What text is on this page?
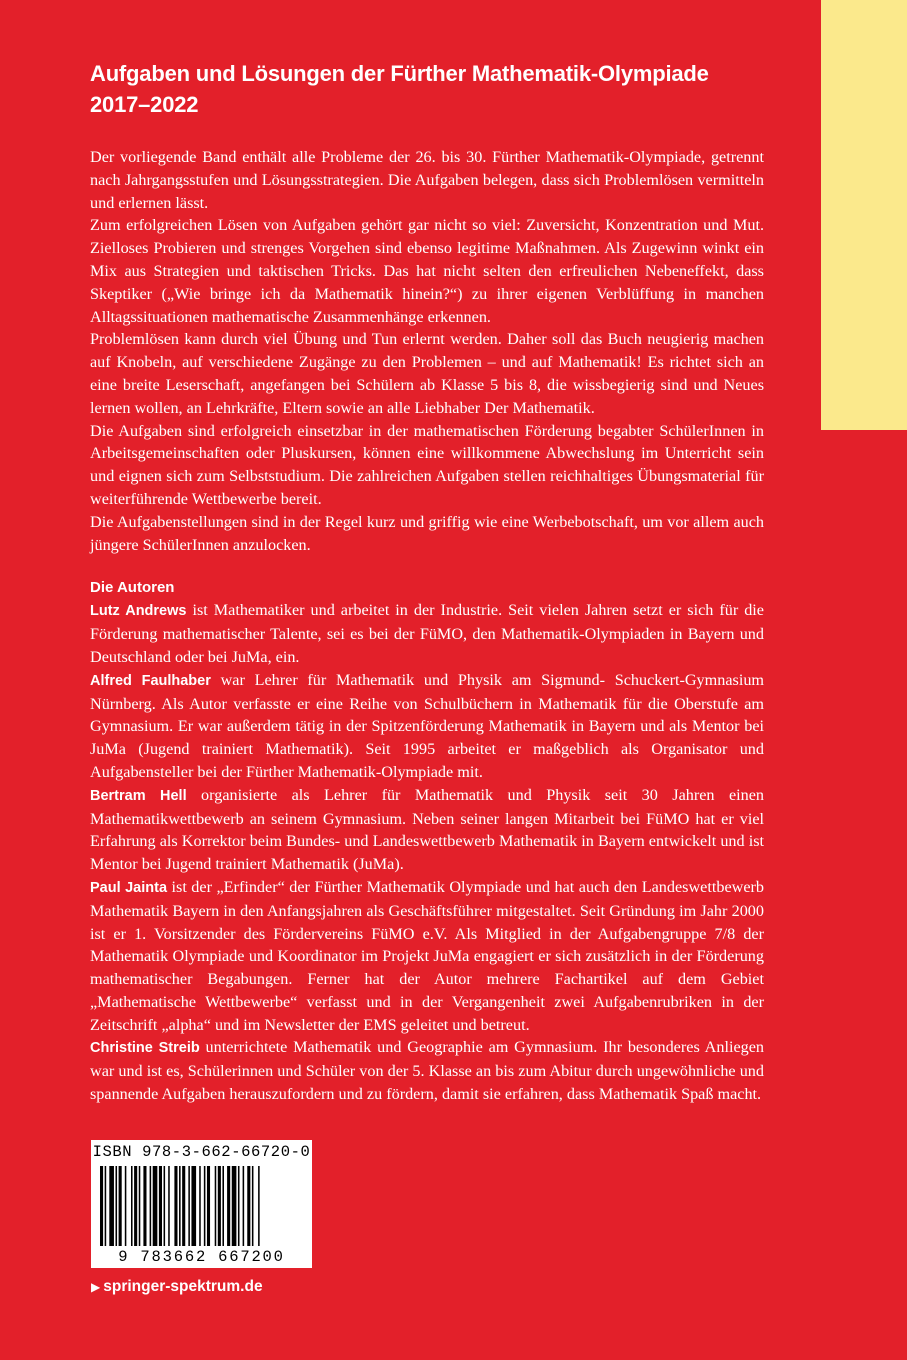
Aufgaben und Lösungen der Fürther Mathematik-Olympiade
2017–2022

Der vorliegende Band enthält alle Probleme der 26. bis 30. Fürther Mathematik-Olympiade, getrennt nach Jahrgangsstufen und Lösungsstrategien. Die Aufgaben belegen, dass sich Problemlösen vermitteln und erlernen lässt.

Zum erfolgreichen Lösen von Aufgaben gehört gar nicht so viel: Zuversicht, Konzentration und Mut. Zielloses Probieren und strenges Vorgehen sind ebenso legitime Maßnahmen. Als Zugewinn winkt ein Mix aus Strategien und taktischen Tricks. Das hat nicht selten den erfreulichen Nebeneffekt, dass Skeptiker („Wie bringe ich da Mathematik hinein?“) zu ihrer eigenen Verblüffung in manchen Alltagssituationen mathematische Zusammenhänge erkennen.

Problemlösen kann durch viel Übung und Tun erlernt werden. Daher soll das Buch neugierig machen auf Knobeln, auf verschiedene Zugänge zu den Problemen – und auf Mathematik! Es richtet sich an eine breite Leserschaft, angefangen bei Schülern ab Klasse 5 bis 8, die wissbegierig sind und Neues lernen wollen, an Lehrkräfte, Eltern sowie an alle Liebhaber Der Mathematik.

Die Aufgaben sind erfolgreich einsetzbar in der mathematischen Förderung begabter SchülerInnen in Arbeitsgemeinschaften oder Pluskursen, können eine willkommene Abwechslung im Unterricht sein und eignen sich zum Selbststudium. Die zahlreichen Aufgaben stellen reichhaltiges Übungsmaterial für weiterführende Wettbewerbe bereit.

Die Aufgabenstellungen sind in der Regel kurz und griffig wie eine Werbebotschaft, um vor allem auch jüngere SchülerInnen anzulocken.

Die Autoren

Lutz Andrews ist Mathematiker und arbeitet in der Industrie. Seit vielen Jahren setzt er sich für die Förderung mathematischer Talente, sei es bei der FüMO, den Mathematik-Olympiaden in Bayern und Deutschland oder bei JuMa, ein.

Alfred Faulhaber war Lehrer für Mathematik und Physik am Sigmund- Schuckert-Gymnasium Nürnberg. Als Autor verfasste er eine Reihe von Schulbüchern in Mathematik für die Oberstufe am Gymnasium. Er war außerdem tätig in der Spitzenförderung Mathematik in Bayern und als Mentor bei JuMa (Jugend trainiert Mathematik). Seit 1995 arbeitet er maßgeblich als Organisator und Aufgabensteller bei der Fürther Mathematik-Olympiade mit.

Bertram Hell organisierte als Lehrer für Mathematik und Physik seit 30 Jahren einen Mathematikwettbewerb an seinem Gymnasium. Neben seiner langen Mitarbeit bei FüMO hat er viel Erfahrung als Korrektor beim Bundes- und Landeswettbewerb Mathematik in Bayern entwickelt und ist Mentor bei Jugend trainiert Mathematik (JuMa).

Paul Jainta ist der „Erfinder“ der Fürther Mathematik Olympiade und hat auch den Landeswettbewerb Mathematik Bayern in den Anfangsjahren als Geschäftsführer mitgestaltet. Seit Gründung im Jahr 2000 ist er 1. Vorsitzender des Fördervereins FüMO e.V. Als Mitglied in der Aufgabengruppe 7/8 der Mathematik Olympiade und Koordinator im Projekt JuMa engagiert er sich zusätzlich in der Förderung mathematischer Begabungen. Ferner hat der Autor mehrere Fachartikel auf dem Gebiet „Mathematische Wettbewerbe“ verfasst und in der Vergangenheit zwei Aufgabenrubriken in der Zeitschrift „alpha“ und im Newsletter der EMS geleitet und betreut.

Christine Streib unterrichtete Mathematik und Geographie am Gymnasium. Ihr besonderes Anliegen war und ist es, Schülerinnen und Schüler von der 5. Klasse an bis zum Abitur durch ungewöhnliche und spannende Aufgaben herauszufordern und zu fördern, damit sie erfahren, dass Mathematik Spaß macht.

ISBN 978-3-662-66720-0
9 783662 667200
▶ springer-spektrum.de
